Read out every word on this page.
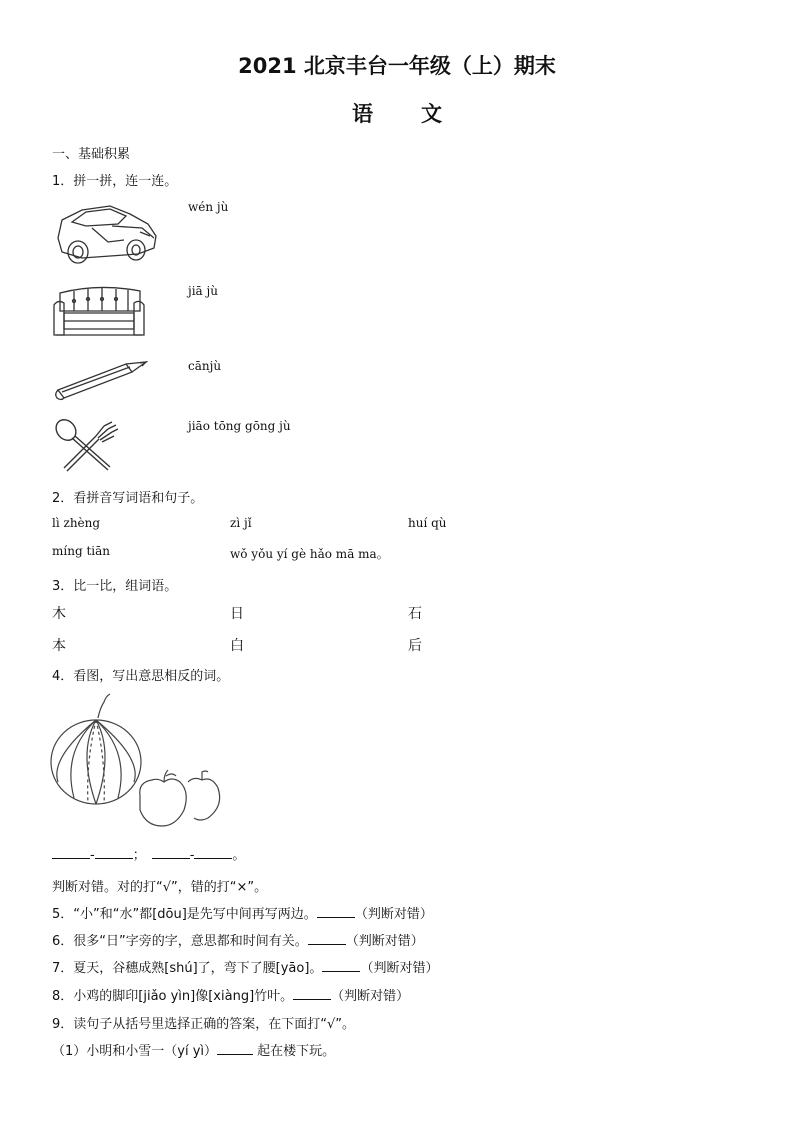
2021 北京丰台一年级（上）期末
语 文
一、基础积累
1．拼一拼，连一连。
wén jù
jiā jù
cānjù
jiāo tōng gōng jù
2．看拼音写词语和句子。
lì zhèng	zì jǐ	huí qù
míng tiān	wǒ yǒu yí gè hǎo mā ma。
3．比一比，组词语。
木	日	石
本	白	后
4．看图，写出意思相反的词。
-	；	-	。
判断对错。对的打“√”，错的打“×”。
5．“小”和“水”都[dōu]是先写中间再写两边。	（判断对错）
6．很多“日”字旁的字，意思都和时间有关。	（判断对错）
7．夏天，谷穗成熟[shú]了，弯下了腰[yāo]。	（判断对错）
8．小鸡的脚印[jiǎo yìn]像[xiàng]竹叶。	（判断对错）
9．读句子从括号里选择正确的答案，在下面打“√”。
（1）小明和小雪一（yí yì）	起在楼下玩。
